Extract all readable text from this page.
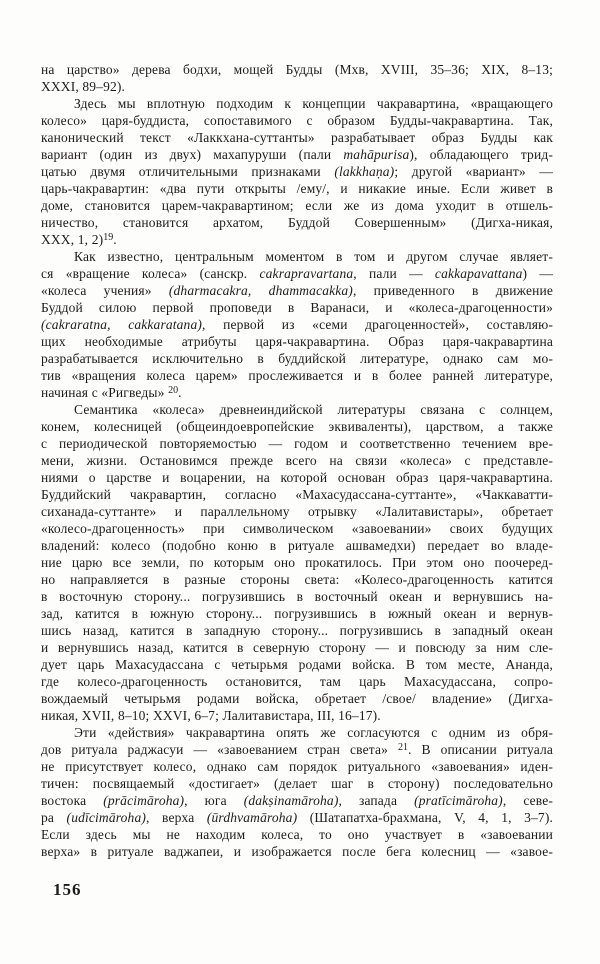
на царство» дерева бодхи, мощей Будды (Мхв, XVIII, 35–36; XIX, 8–13;
XXXI, 89–92).
Здесь мы вплотную подходим к концепции чакравартина, «вращающего
колесо» царя-буддиста, сопоставимого с образом Будды-чакравартина. Так,
канонический текст «Лаккхана-суттанты» разрабатывает образ Будды как
вариант (один из двух) махапуруши (пали mahāpurisa), обладающего трид-
цатью двумя отличительными признаками (lakkhaṇa); другой «вариант» —
царь-чакравартин: «два пути открыты /ему/, и никакие иные. Если живет в
доме, становится царем-чакравартином; если же из дома уходит в отшель-
ничество, становится архатом, Буддой Совершенным» (Дигха-никая,
XXX, 1, 2)$^{19}$.
Как известно, центральным моментом в том и другом случае являет-
ся «вращение колеса» (санскр. cakrapravartana, пали — cakkapavattana) —
«колеса учения» (dharmacakra, dhammacakka), приведенного в движение
Буддой силою первой проповеди в Варанаси, и «колеса-драгоценности»
(cakraratna, cakkaratana), первой из «семи драгоценностей», составляю-
щих необходимые атрибуты царя-чакравартина. Образ царя-чакравартина
разрабатывается исключительно в буддийской литературе, однако сам мо-
тив «вращения колеса царем» прослеживается и в более ранней литературе,
начиная с «Ригведы» $^{20}$.
Семантика «колеса» древнеиндийской литературы связана с солнцем,
конем, колесницей (общеиндоевропейские эквиваленты), царством, а также
с периодической повторяемостью — годом и соответственно течением вре-
мени, жизни. Остановимся прежде всего на связи «колеса» с представле-
ниями о царстве и воцарении, на которой основан образ царя-чакравартина.
Буддийский чакравартин, согласно «Махасудассана-суттанте», «Чаккаватти-
сиханада-суттанте» и параллельному отрывку «Лалитавистары», обретает
«колесо-драгоценность» при символическом «завоевании» своих будущих
владений: колесо (подобно коню в ритуале ашвамедхи) передает во владе-
ние царю все земли, по которым оно прокатилось. При этом оно поочеред-
но направляется в разные стороны света: «Колесо-драгоценность катится
в восточную сторону... погрузившись в восточный океан и вернувшись на-
зад, катится в южную сторону... погрузившись в южный океан и вернув-
шись назад, катится в западную сторону... погрузившись в западный океан
и вернувшись назад, катится в северную сторону — и повсюду за ним сле-
дует царь Махасудассана с четырьмя родами войска. В том месте, Ананда,
где колесо-драгоценность остановится, там царь Махасудассана, сопро-
вождаемый четырьмя родами войска, обретает /свое/ владение» (Дигха-
никая, XVII, 8–10; XXVI, 6–7; Лалитавистара, III, 16–17).
Эти «действия» чакравартина опять же согласуются с одним из обря-
дов ритуала раджасуи — «завоеванием стран света» $^{21}$. В описании ритуала
не присутствует колесо, однако сам порядок ритуального «завоевания» иден-
тичен: посвящаемый «достигает» (делает шаг в сторону) последовательно
востока (prācimāroha), юга (dakṣinamāroha), запада (pratīcimāroha), севе-
ра (udīcimāroha), верха (ūrdhvamāroha) (Шатапатха-брахмана, V, 4, 1, 3–7).
Если здесь мы не находим колеса, то оно участвует в «завоевании
верха» в ритуале ваджапеи, и изображается после бега колесниц — «завое-
156
